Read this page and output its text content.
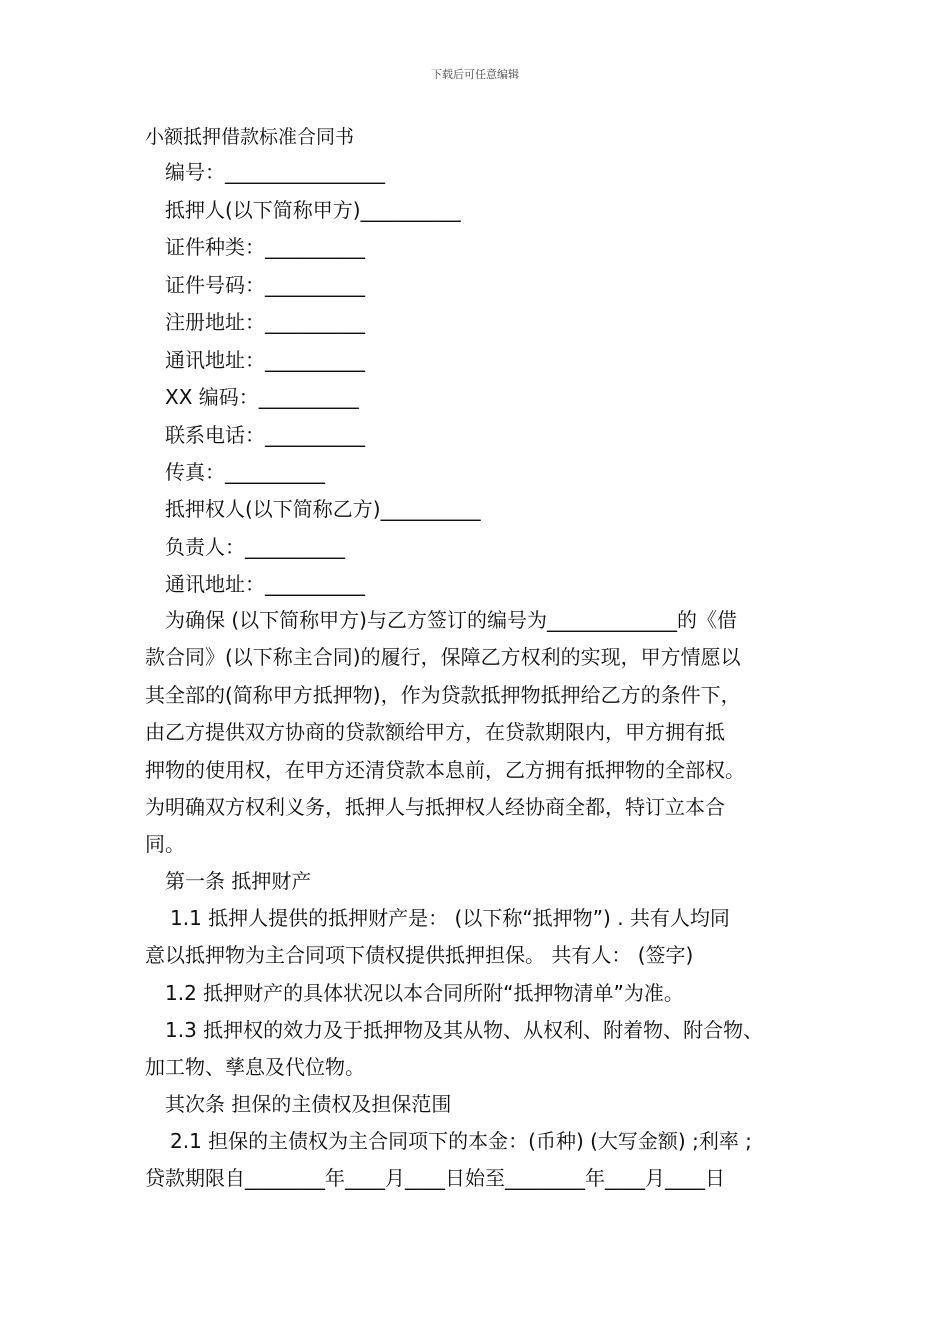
下载后可任意编辑
小额抵押借款标准合同书
编号：________________
抵押人(以下简称甲方)__________
证件种类：__________
证件号码：__________
注册地址：__________
通讯地址：__________
XX 编码：__________
联系电话：__________
传真：__________
抵押权人(以下简称乙方)__________
负责人：__________
通讯地址：__________
为确保 (以下简称甲方)与乙方签订的编号为_____________的《借
款合同》(以下称主合同)的履行，保障乙方权利的实现，甲方情愿以
其全部的(简称甲方抵押物)，作为贷款抵押物抵押给乙方的条件下，
由乙方提供双方协商的贷款额给甲方，在贷款期限内，甲方拥有抵
押物的使用权，在甲方还清贷款本息前，乙方拥有抵押物的全部权。
为明确双方权利义务，抵押人与抵押权人经协商全都，特订立本合
同。
第一条 抵押财产
1.1 抵押人提供的抵押财产是： (以下称“抵押物”) . 共有人均同
意以抵押物为主合同项下债权提供抵押担保。 共有人： (签字)
1.2 抵押财产的具体状况以本合同所附“抵押物清单”为准。
1.3 抵押权的效力及于抵押物及其从物、从权利、附着物、附合物、
加工物、孳息及代位物。
其次条 担保的主债权及担保范围
2.1 担保的主债权为主合同项下的本金：(币种) (大写金额) ;利率 ;
贷款期限自________年____月____日始至________年____月____日
